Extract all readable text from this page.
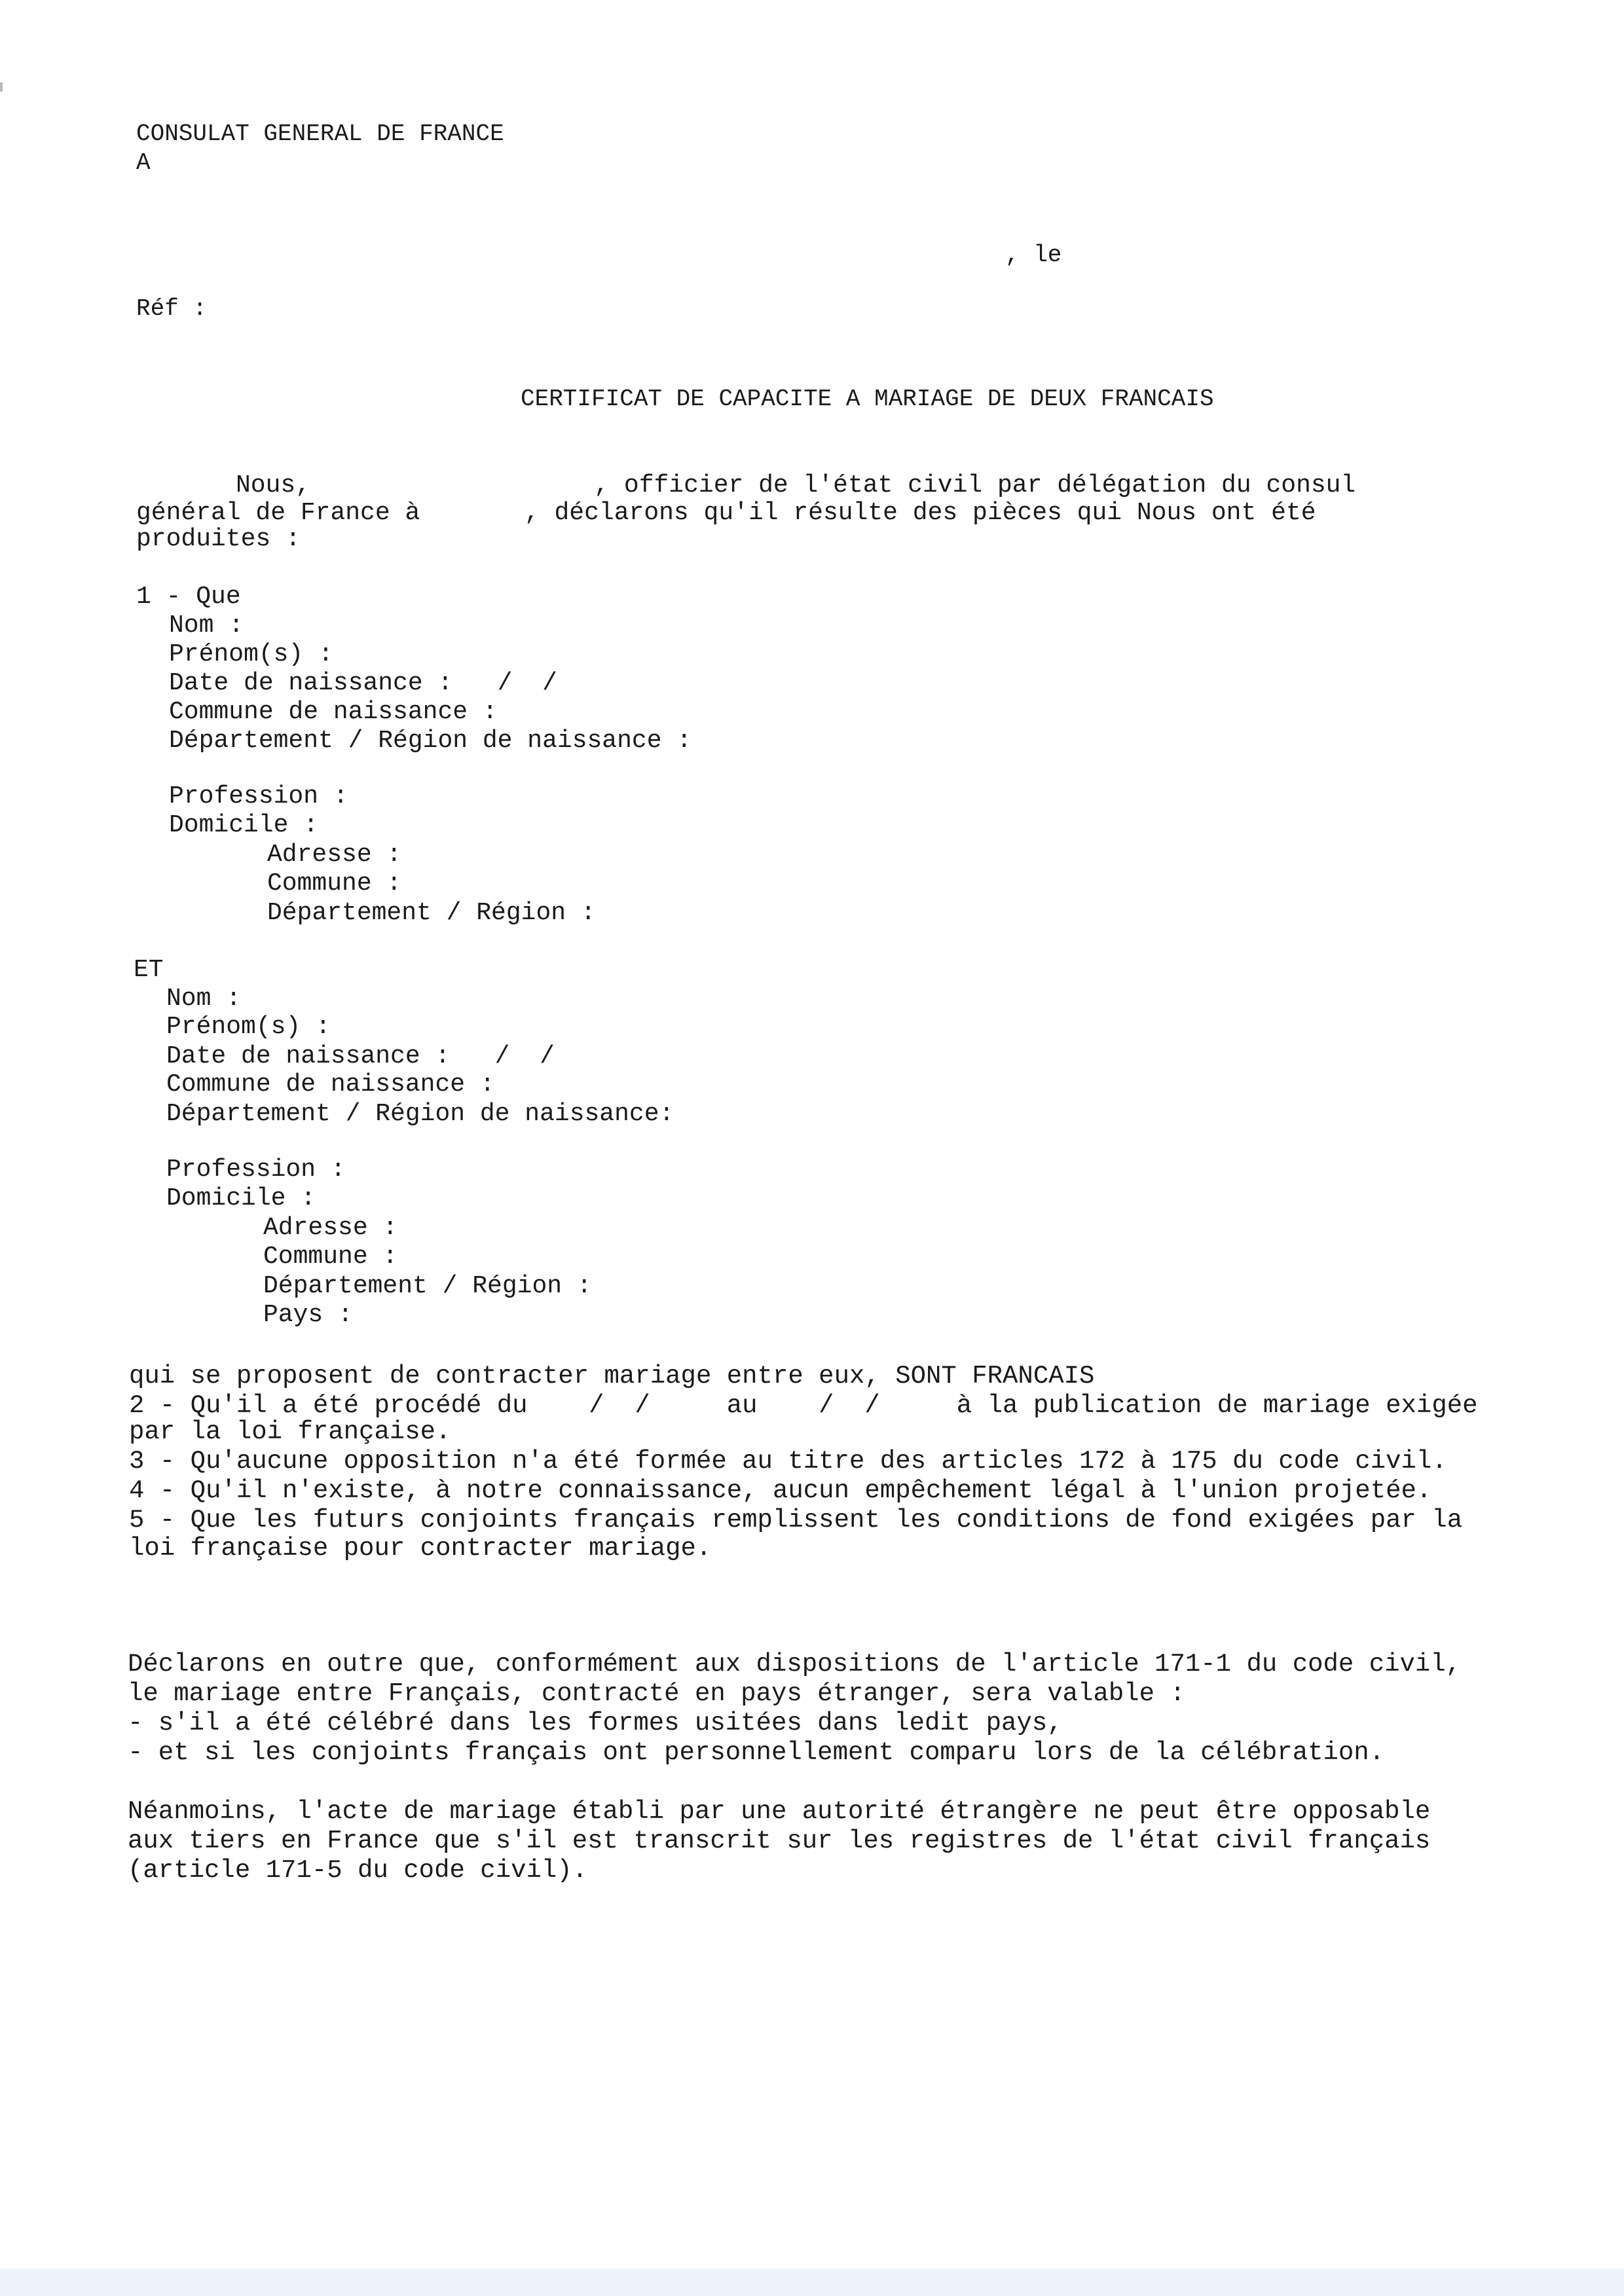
CONSULAT GENERAL DE FRANCE
A
, le
Réf :
CERTIFICAT DE CAPACITE A MARIAGE DE DEUX FRANCAIS
Nous,                   , officier de l'état civil par délégation du consul
général de France à       , déclarons qu'il résulte des pièces qui Nous ont été
produites :
1 - Que
Nom :
Prénom(s) :
Date de naissance :   /  /
Commune de naissance :
Département / Région de naissance :
Profession :
Domicile :
Adresse :
Commune :
Département / Région :
ET
Nom :
Prénom(s) :
Date de naissance :   /  /
Commune de naissance :
Département / Région de naissance:
Profession :
Domicile :
Adresse :
Commune :
Département / Région :
Pays :
qui se proposent de contracter mariage entre eux, SONT FRANCAIS
2 - Qu'il a été procédé du    /  /     au    /  /     à la publication de mariage exigée
par la loi française.
3 - Qu'aucune opposition n'a été formée au titre des articles 172 à 175 du code civil.
4 - Qu'il n'existe, à notre connaissance, aucun empêchement légal à l'union projetée.
5 - Que les futurs conjoints français remplissent les conditions de fond exigées par la
loi française pour contracter mariage.
Déclarons en outre que, conformément aux dispositions de l'article 171-1 du code civil,
le mariage entre Français, contracté en pays étranger, sera valable :
- s'il a été célébré dans les formes usitées dans ledit pays,
- et si les conjoints français ont personnellement comparu lors de la célébration.
Néanmoins, l'acte de mariage établi par une autorité étrangère ne peut être opposable
aux tiers en France que s'il est transcrit sur les registres de l'état civil français
(article 171-5 du code civil).
